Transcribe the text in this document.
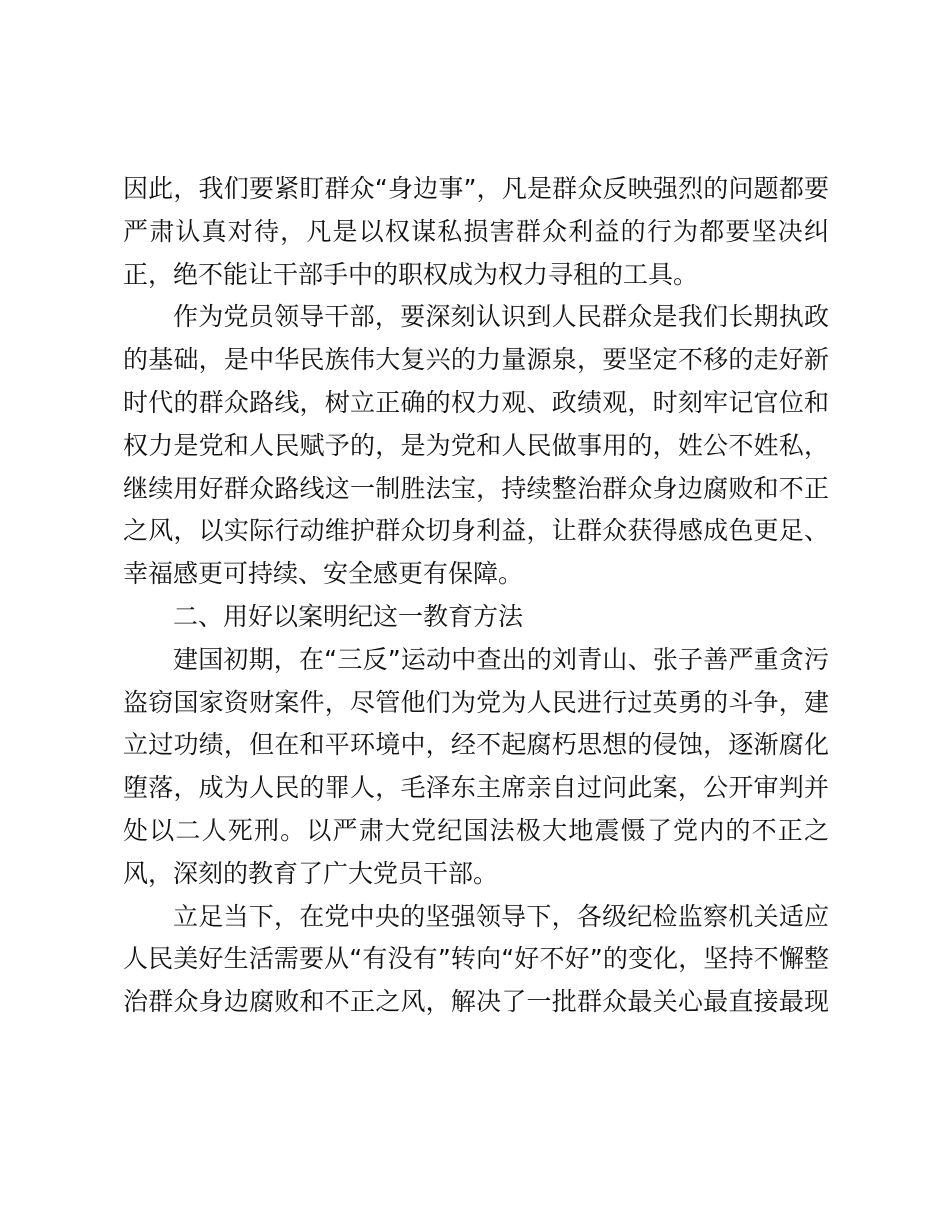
因此，我们要紧盯群众“身边事”，凡是群众反映强烈的问题都要
严肃认真对待，凡是以权谋私损害群众利益的行为都要坚决纠
正，绝不能让干部手中的职权成为权力寻租的工具。
作为党员领导干部，要深刻认识到人民群众是我们长期执政
的基础，是中华民族伟大复兴的力量源泉，要坚定不移的走好新
时代的群众路线，树立正确的权力观、政绩观，时刻牢记官位和
权力是党和人民赋予的，是为党和人民做事用的，姓公不姓私，
继续用好群众路线这一制胜法宝，持续整治群众身边腐败和不正
之风，以实际行动维护群众切身利益，让群众获得感成色更足、
幸福感更可持续、安全感更有保障。
二、用好以案明纪这一教育方法
建国初期，在“三反”运动中查出的刘青山、张子善严重贪污
盗窃国家资财案件，尽管他们为党为人民进行过英勇的斗争，建
立过功绩，但在和平环境中，经不起腐朽思想的侵蚀，逐渐腐化
堕落，成为人民的罪人，毛泽东主席亲自过问此案，公开审判并
处以二人死刑。以严肃大党纪国法极大地震慑了党内的不正之
风，深刻的教育了广大党员干部。
立足当下，在党中央的坚强领导下，各级纪检监察机关适应
人民美好生活需要从“有没有”转向“好不好”的变化，坚持不懈整
治群众身边腐败和不正之风，解决了一批群众最关心最直接最现
